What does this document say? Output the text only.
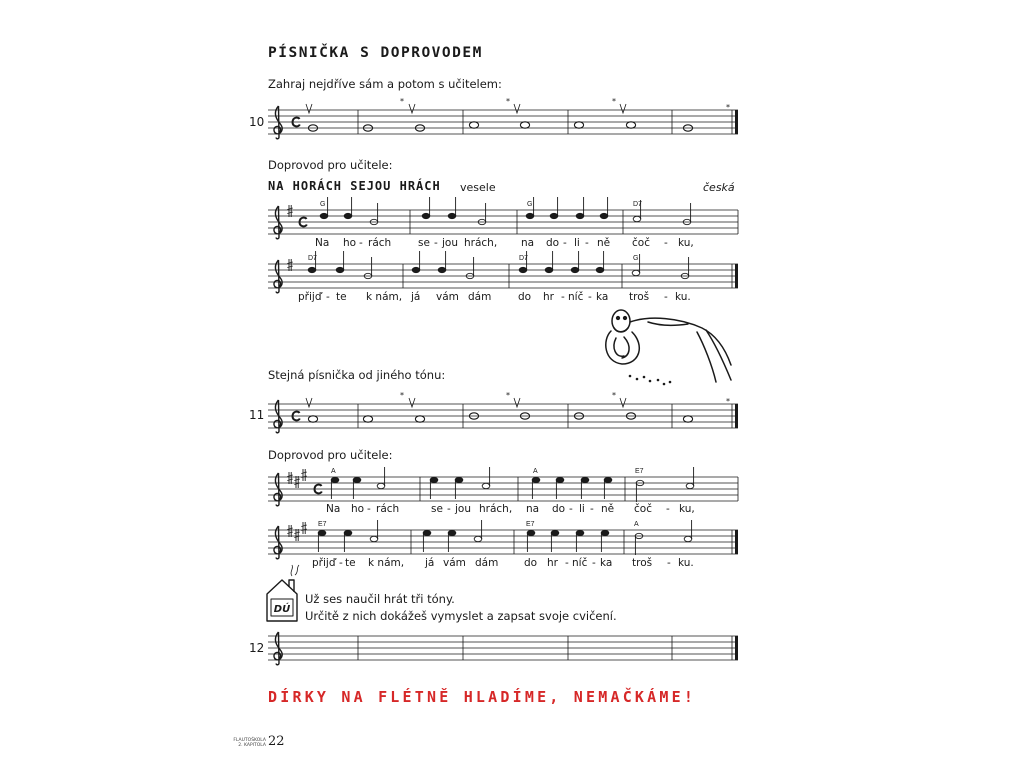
PÍSNIČKA S DOPROVODEM
Zahraj nejdříve sám a potom s učitelem:
10
Doprovod pro učitele:
NA HORÁCH SEJOU HRÁCH vesele	česká
Stejná písnička od jiného tónu:
11
Doprovod pro učitele:
Už ses naučil hrát tři tóny.
Určitě z nich dokážeš vymyslet a zapsat svoje cvičení.
12
DÍRKY NA FLÉTNĚ HLADÍME, NEMAČKÁME!
FLAUTOŠKOLA
2. KAPITOLA 22
*	*	*
*
G	G	D7
Na ho - rách	se - jou hrách, na do - li - ně čoč - ku,
D7	D7	G
přijď - te k nám, já vám dám	do hr - níč - ka troš - ku.
*	*	*
*
A	A	E7
Na ho - rách	se - jou hrách, na do - li - ně čoč - ku,
E7	E7	A
přijď - te k nám, já vám dám do hr - níč - ka troš - ku.
DÚ
